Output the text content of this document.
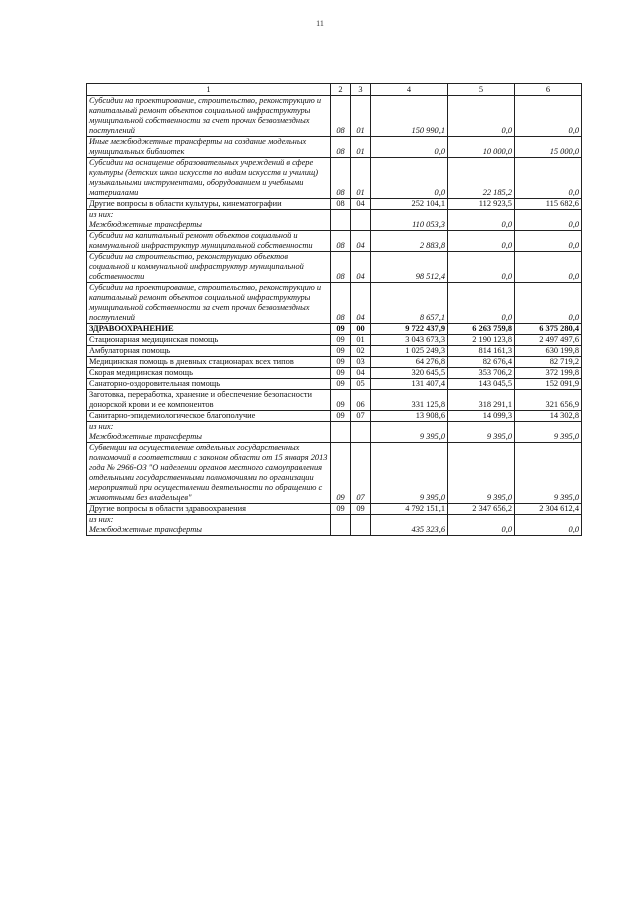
11
1	2	3	4	5	6
Субсидии на проектирование, строительство, реконструкцию и капитальный ремонт объектов социальной инфраструктуры муниципальной собственности за счет прочих безвозмездных поступлений	08	01	150 990,1	0,0	0,0
Иные межбюджетные трансферты на создание модельных муниципальных библиотек	08	01	0,0	10 000,0	15 000,0
Субсидии на оснащение образовательных учреждений в сфере культуры (детских школ искусств по видам искусств и училищ) музыкальными инструментами, оборудованием и учебными материалами	08	01	0,0	22 185,2	0,0
Другие вопросы в области культуры, кинематографии	08	04	252 104,1	112 923,5	115 682,6
из них:
Межбюджетные трансферты			110 053,3	0,0	0,0
Субсидии на капитальный ремонт объектов социальной и коммунальной инфраструктур муниципальной собственности	08	04	2 883,8	0,0	0,0
Субсидии на строительство, реконструкцию объектов социальной и коммунальной инфраструктур муниципальной собственности	08	04	98 512,4	0,0	0,0
Субсидии на проектирование, строительство, реконструкцию и капитальный ремонт объектов социальной инфраструктуры муниципальной собственности за счет прочих безвозмездных поступлений	08	04	8 657,1	0,0	0,0
ЗДРАВООХРАНЕНИЕ	09	00	9 722 437,9	6 263 759,8	6 375 280,4
Стационарная медицинская помощь	09	01	3 043 673,3	2 190 123,8	2 497 497,6
Амбулаторная помощь	09	02	1 025 249,3	814 161,3	630 199,8
Медицинская помощь в дневных стационарах всех типов	09	03	64 276,8	82 676,4	82 719,2
Скорая медицинская помощь	09	04	320 645,5	353 706,2	372 199,8
Санаторно-оздоровительная помощь	09	05	131 407,4	143 045,5	152 091,9
Заготовка, переработка, хранение и обеспечение безопасности донорской крови и ее компонентов	09	06	331 125,8	318 291,1	321 656,9
Санитарно-эпидемиологическое благополучие	09	07	13 908,6	14 099,3	14 302,8
из них:
Межбюджетные трансферты			9 395,0	9 395,0	9 395,0
Субвенции на осуществление отдельных государственных полномочий в соответствии с законом области от 15 января 2013 года № 2966-ОЗ "О наделении органов местного самоуправления отдельными государственными полномочиями по организации мероприятий при осуществлении деятельности по обращению с животными без владельцев"	09	07	9 395,0	9 395,0	9 395,0
Другие вопросы в области здравоохранения	09	09	4 792 151,1	2 347 656,2	2 304 612,4
из них:
Межбюджетные трансферты			435 323,6	0,0	0,0
